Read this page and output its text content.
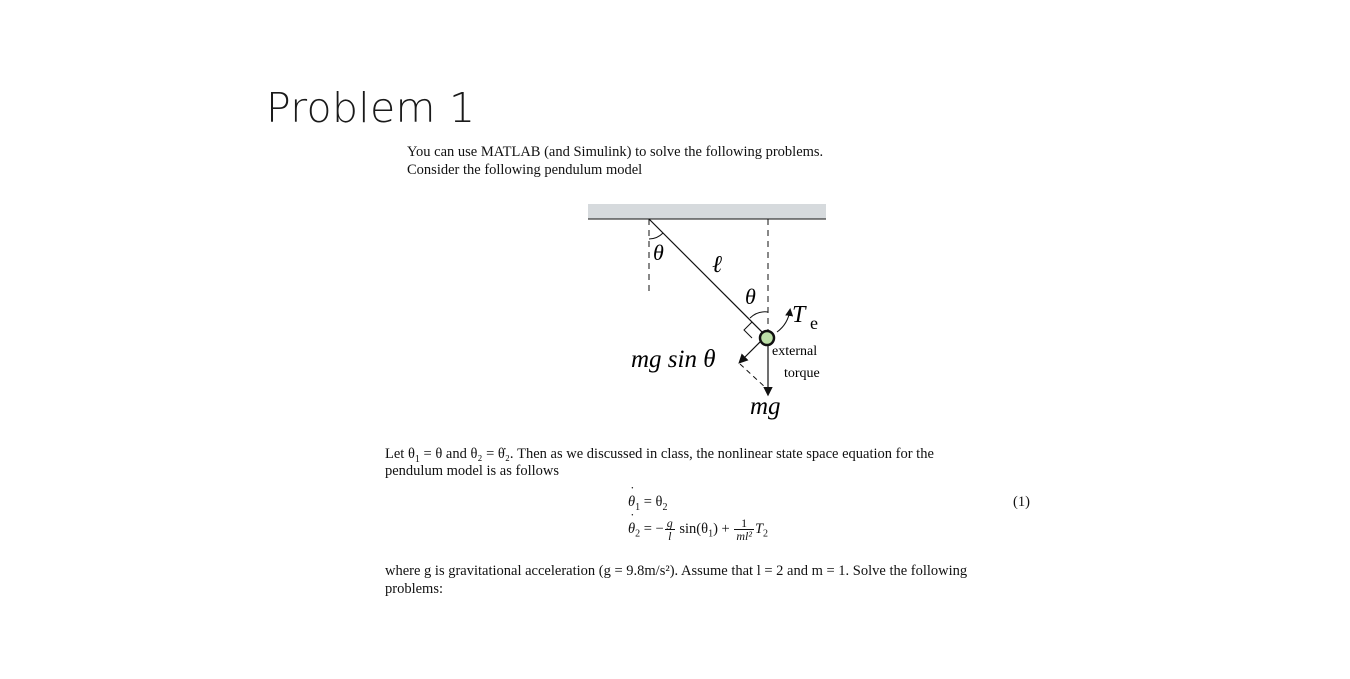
Problem 1
You can use MATLAB (and Simulink) to solve the following problems.
Consider the following pendulum model
θ ℓ
θ
T e
external
torque
mg sin θ
mg
Let $\theta_1 = \theta$ and θ₂ = θ̇₂. Then as we discussed in class, the nonlinear state space equation for the
pendulum model is as follows
˙ $\theta_1 = \theta_2$	(1)
˙ $\theta_2$ = − $\frac{g}{l} \sin(\theta_1) + \frac{1}{\text{ml²}} T_2$
where g is gravitational acceleration (g = 9.8m/s²). Assume that l = 2 and m = 1. Solve the following
problems:
